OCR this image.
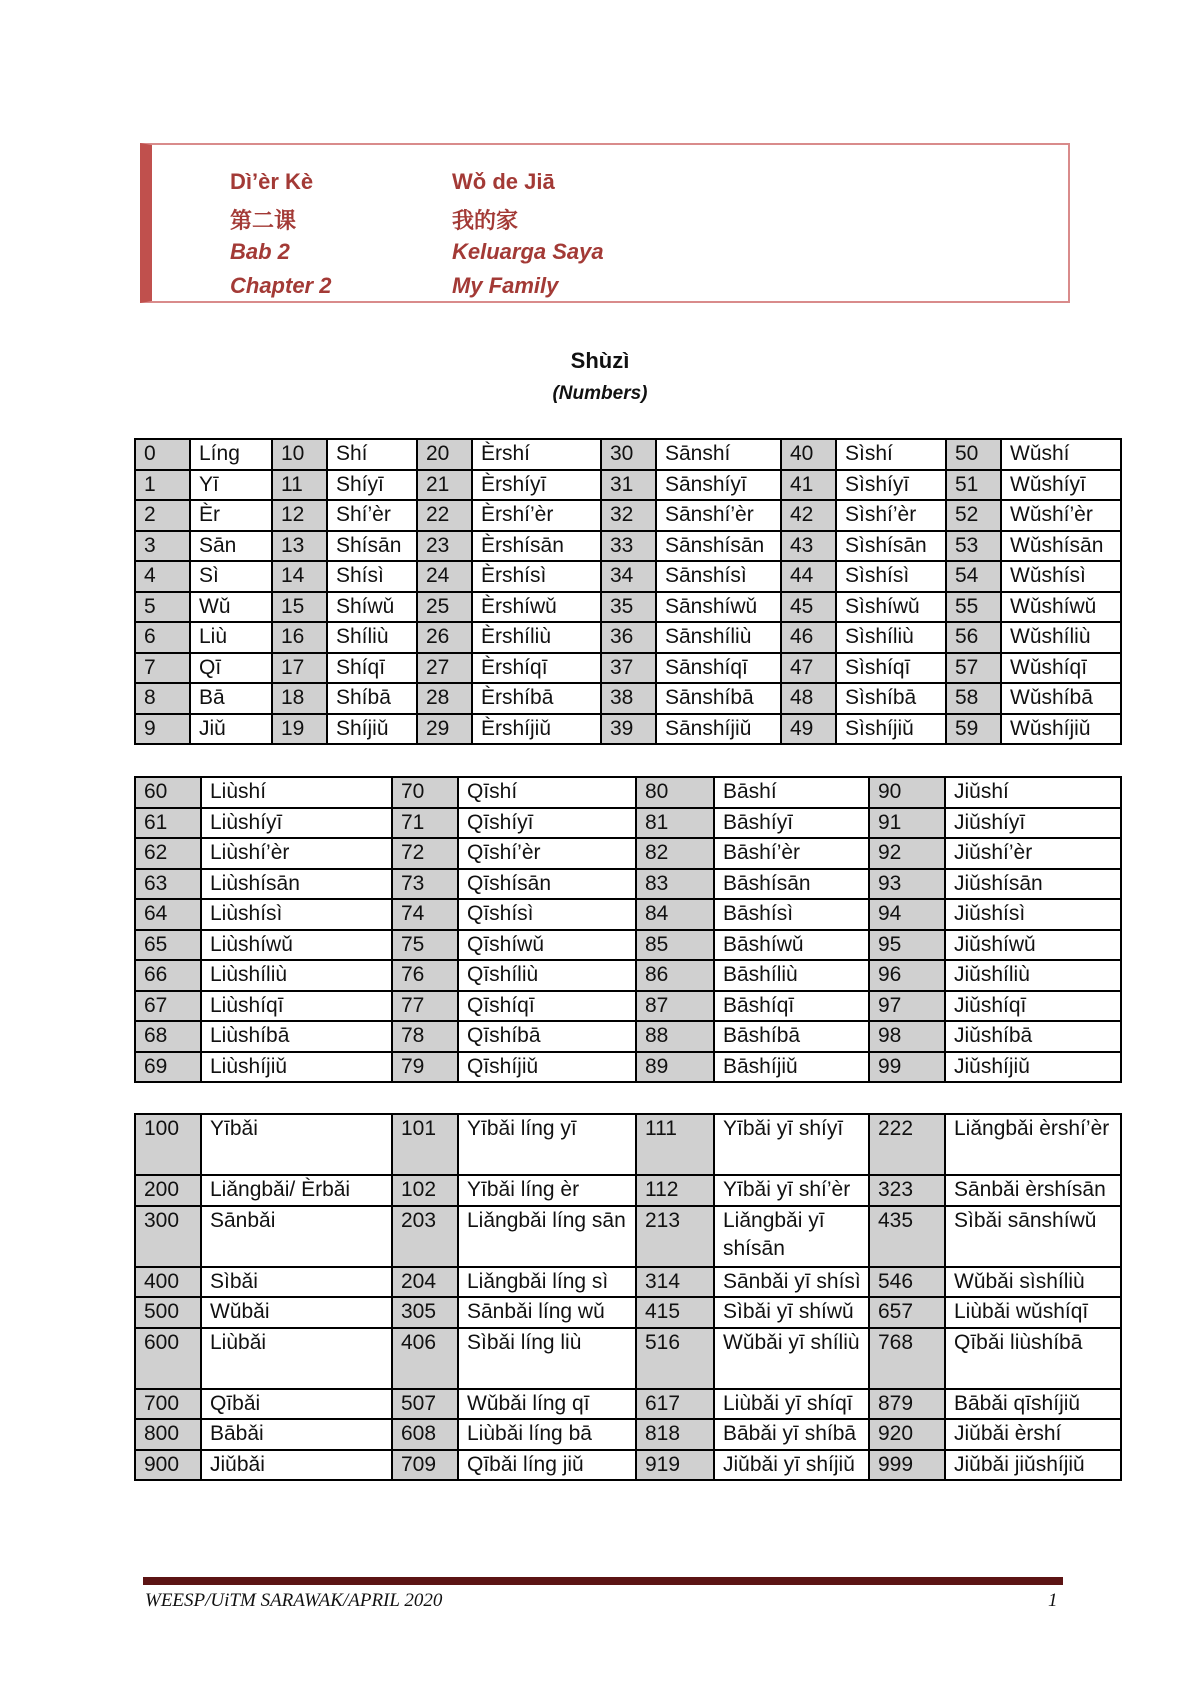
Dì’èr Kè	Wǒ de Jiā
第二课	我的家
Bab 2	Keluarga Saya
Chapter 2	My Family
Shùzì
(Numbers)
0	Líng	10	Shí	20	Èrshí	30	Sānshí	40	Sìshí	50	Wǔshí
1	Yī	11	Shíyī	21	Èrshíyī	31	Sānshíyī	41	Sìshíyī	51	Wǔshíyī
2	Èr	12	Shí’èr	22	Èrshí’èr	32	Sānshí’èr	42	Sìshí’èr	52	Wǔshí’èr
3	Sān	13	Shísān	23	Èrshísān	33	Sānshísān	43	Sìshísān	53	Wǔshísān
4	Sì	14	Shísì	24	Èrshísì	34	Sānshísì	44	Sìshísì	54	Wǔshísì
5	Wǔ	15	Shíwǔ	25	Èrshíwǔ	35	Sānshíwǔ	45	Sìshíwǔ	55	Wǔshíwǔ
6	Liù	16	Shíliù	26	Èrshíliù	36	Sānshíliù	46	Sìshíliù	56	Wǔshíliù
7	Qī	17	Shíqī	27	Èrshíqī	37	Sānshíqī	47	Sìshíqī	57	Wǔshíqī
8	Bā	18	Shíbā	28	Èrshíbā	38	Sānshíbā	48	Sìshíbā	58	Wǔshíbā
9	Jiǔ	19	Shíjiǔ	29	Èrshíjiǔ	39	Sānshíjiǔ	49	Sìshíjiǔ	59	Wǔshíjiǔ
60	Liùshí	70	Qīshí	80	Bāshí	90	Jiǔshí
61	Liùshíyī	71	Qīshíyī	81	Bāshíyī	91	Jiǔshíyī
62	Liùshí’èr	72	Qīshí’èr	82	Bāshí’èr	92	Jiǔshí’èr
63	Liùshísān	73	Qīshísān	83	Bāshísān	93	Jiǔshísān
64	Liùshísì	74	Qīshísì	84	Bāshísì	94	Jiǔshísì
65	Liùshíwǔ	75	Qīshíwǔ	85	Bāshíwǔ	95	Jiǔshíwǔ
66	Liùshíliù	76	Qīshíliù	86	Bāshíliù	96	Jiǔshíliù
67	Liùshíqī	77	Qīshíqī	87	Bāshíqī	97	Jiǔshíqī
68	Liùshíbā	78	Qīshíbā	88	Bāshíbā	98	Jiǔshíbā
69	Liùshíjiǔ	79	Qīshíjiǔ	89	Bāshíjiǔ	99	Jiǔshíjiǔ
100	Yībǎi	101	Yībǎi líng yī	111	Yībǎi yī shíyī	222	Liǎngbǎi èrshí’èr
200	Liǎngbǎi/ Èrbǎi	102	Yībǎi líng èr	112	Yībǎi yī shí’èr	323	Sānbǎi èrshísān
300	Sānbǎi	203	Liǎngbǎi líng sān	213	Liǎngbǎi yī shísān	435	Sìbǎi sānshíwǔ
400	Sìbǎi	204	Liǎngbǎi líng sì	314	Sānbǎi yī shísì	546	Wǔbǎi sìshíliù
500	Wǔbǎi	305	Sānbǎi líng wǔ	415	Sìbǎi yī shíwǔ	657	Liùbǎi wǔshíqī
600	Liùbǎi	406	Sìbǎi líng liù	516	Wǔbǎi yī shíliù	768	Qībǎi liùshíbā
700	Qībǎi	507	Wǔbǎi líng qī	617	Liùbǎi yī shíqī	879	Bābǎi qīshíjiǔ
800	Bābǎi	608	Liùbǎi líng bā	818	Bābǎi yī shíbā	920	Jiǔbǎi èrshí
900	Jiǔbǎi	709	Qībǎi líng jiǔ	919	Jiǔbǎi yī shíjiǔ	999	Jiǔbǎi jiǔshíjiǔ
WEESP/UiTM SARAWAK/APRIL 2020	1
